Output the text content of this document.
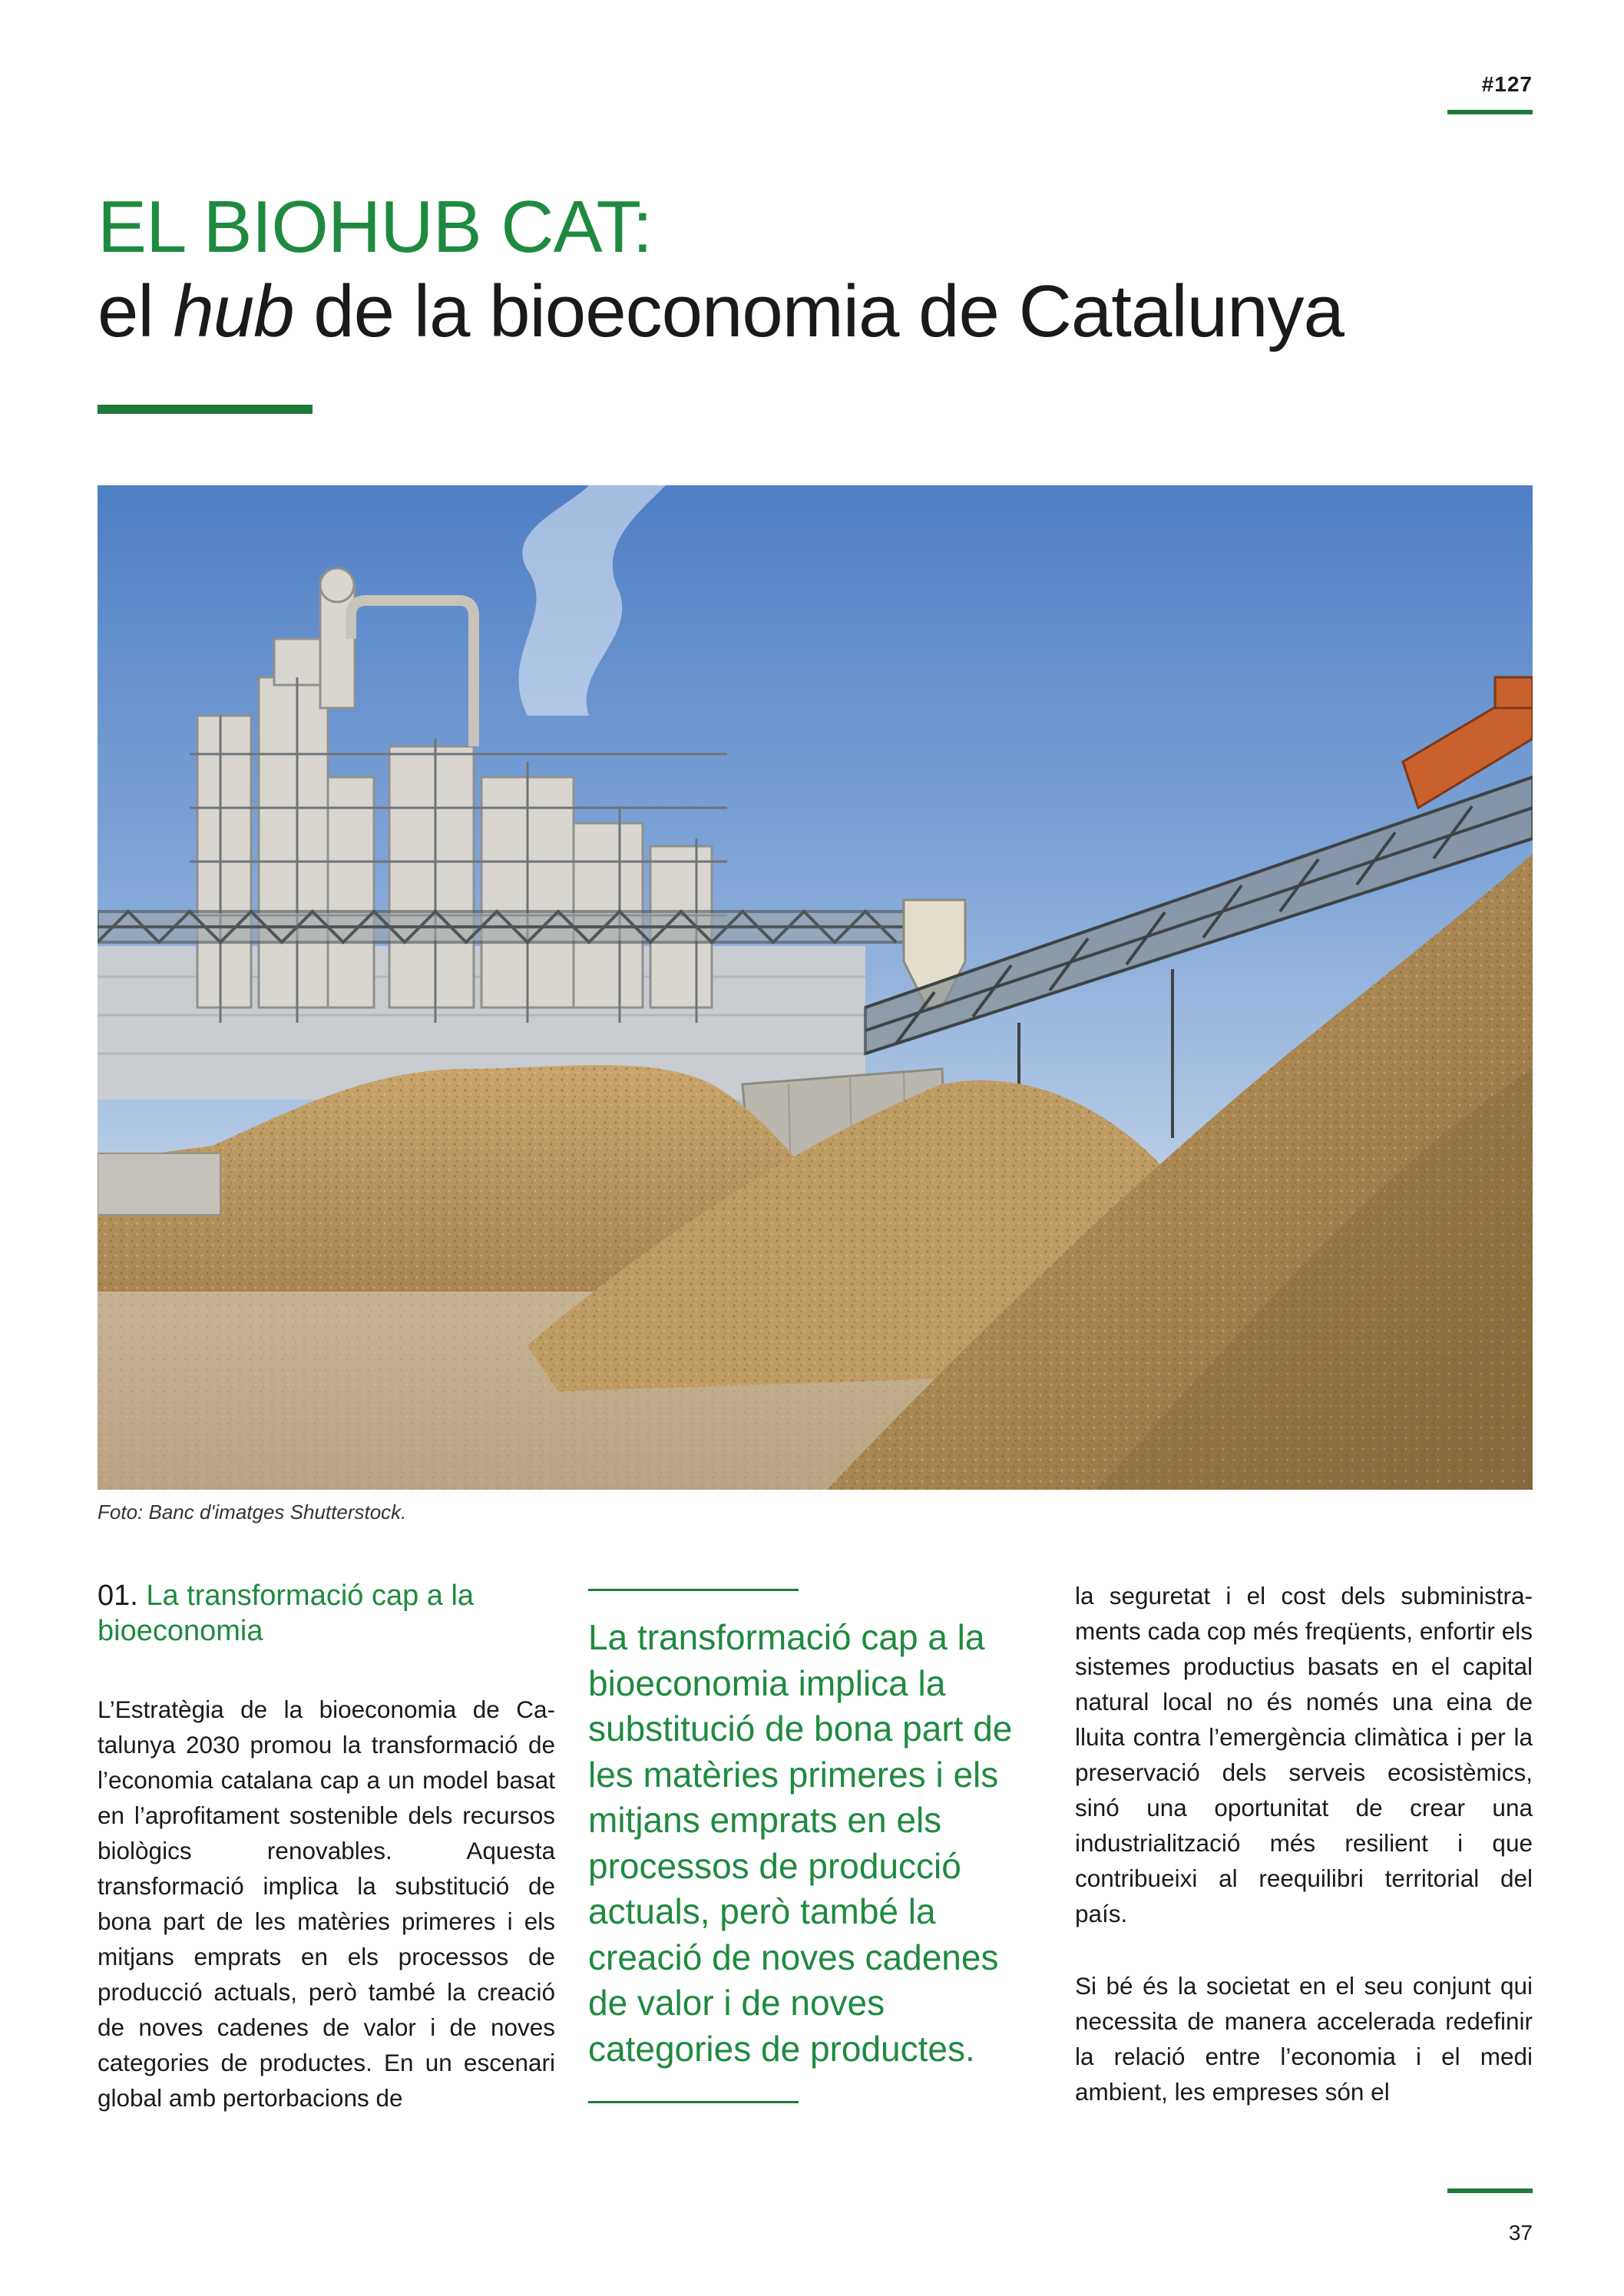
#127
EL BIOHUB CAT:
el hub de la bioeconomia de Catalunya
Foto: Banc d'imatges Shutterstock.

01. La transformació cap a la bioeconomia

L’Estratègia de la bioeconomia de Catalunya 2030 promou la transformació de l’economia catalana cap a un model basat en l’aprofitament sostenible dels recursos biològics renovables. Aquesta transformació implica la substitució de bona part de les matèries primeres i els mitjans emprats en els processos de producció actuals, però també la creació de noves cadenes de valor i de noves categories de productes. En un escenari global amb pertorbacions de

La transformació cap a la bioeconomia implica la substitució de bona part de les matèries primeres i els mitjans emprats en els processos de producció actuals, però també la creació de noves cadenes de valor i de noves categories de productes.

la seguretat i el cost dels subministraments cada cop més freqüents, enfortir els sistemes productius basats en el capital natural local no és només una eina de lluita contra l’emergència climàtica i per la preservació dels serveis ecosistèmics, sinó una oportunitat de crear una industrialització més resilient i que contribueixi al reequilibri territorial del país.

Si bé és la societat en el seu conjunt qui necessita de manera accelerada redefinir la relació entre l’economia i el medi ambient, les empreses són el

37
